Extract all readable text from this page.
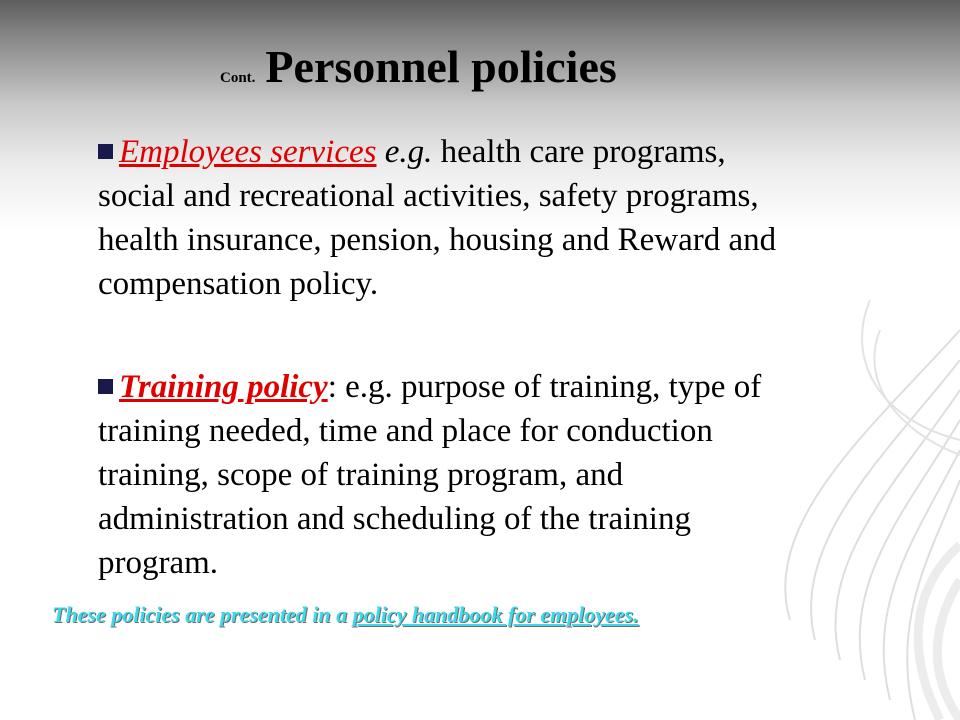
Cont. Personnel policies
Employees services e.g. health care programs, social and recreational activities, safety programs, health insurance, pension, housing and Reward and compensation policy.
Training policy: e.g. purpose of training, type of training needed, time and place for conduction training, scope of training program, and administration and scheduling of the training program.
These policies are presented in a policy handbook for employees.
